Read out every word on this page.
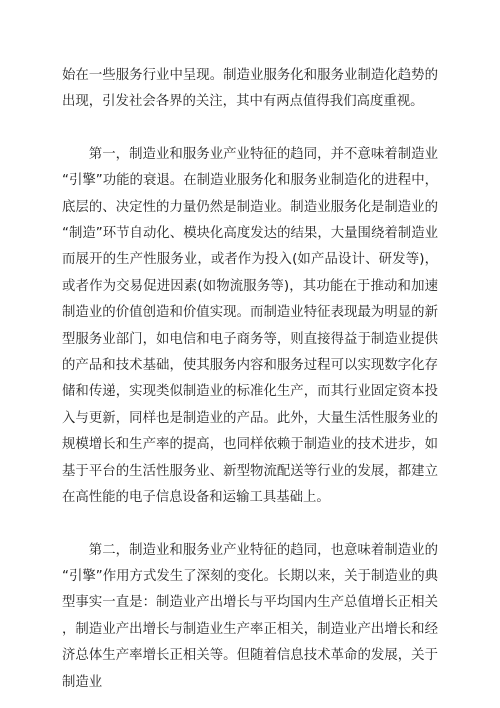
始在一些服务行业中呈现。制造业服务化和服务业制造化趋势的出现，引发社会各界的关注，其中有两点值得我们高度重视。

第一，制造业和服务业产业特征的趋同，并不意味着制造业“引擎”功能的衰退。在制造业服务化和服务业制造化的进程中，底层的、决定性的力量仍然是制造业。制造业服务化是制造业的“制造”环节自动化、模块化高度发达的结果，大量围绕着制造业而展开的生产性服务业，或者作为投入(如产品设计、研发等)，或者作为交易促进因素(如物流服务等)，其功能在于推动和加速制造业的价值创造和价值实现。而制造业特征表现最为明显的新型服务业部门，如电信和电子商务等，则直接得益于制造业提供的产品和技术基础，使其服务内容和服务过程可以实现数字化存储和传递，实现类似制造业的标准化生产，而其行业固定资本投入与更新，同样也是制造业的产品。此外，大量生活性服务业的规模增长和生产率的提高，也同样依赖于制造业的技术进步，如基于平台的生活性服务业、新型物流配送等行业的发展，都建立在高性能的电子信息设备和运输工具基础上。

第二，制造业和服务业产业特征的趋同，也意味着制造业的“引擎”作用方式发生了深刻的变化。长期以来，关于制造业的典型事实一直是：制造业产出增长与平均国内生产总值增长正相关，制造业产出增长与制造业生产率正相关，制造业产出增长和经济总体生产率增长正相关等。但随着信息技术革命的发展，关于制造业
